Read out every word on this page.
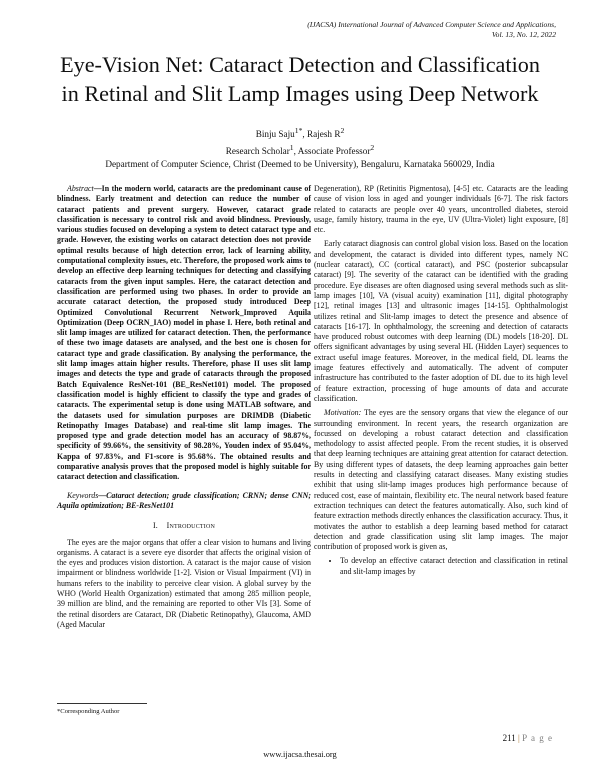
(IJACSA) International Journal of Advanced Computer Science and Applications,
Vol. 13, No. 12, 2022
Eye-Vision Net: Cataract Detection and Classification
in Retinal and Slit Lamp Images using Deep Network
Binju Saju$^{1*}$, Rajesh $R^2$
Research Scholar$^1$, Associate Professor$^2$
Department of Computer Science, Christ (Deemed to be University), Bengaluru, Karnataka 560029, India

Abstract—In the modern world, cataracts are the predominant cause of blindness. Early treatment and detection can reduce the number of cataract patients and prevent surgery. However, cataract grade classification is necessary to control risk and avoid blindness. Previously, various studies focused on developing a system to detect cataract type and grade. However, the existing works on cataract detection does not provide optimal results because of high detection error, lack of learning ability, computational complexity issues, etc. Therefore, the proposed work aims to develop an effective deep learning techniques for detecting and classifying cataracts from the given input samples. Here, the cataract detection and classification are performed using two phases. In order to provide an accurate cataract detection, the proposed study introduced Deep Optimized Convolutional Recurrent Network_Improved Aquila Optimization (Deep OCRN_IAO) model in phase I. Here, both retinal and slit lamp images are utilized for cataract detection. Then, the performance of these two image datasets are analysed, and the best one is chosen for cataract type and grade classification. By analysing the performance, the slit lamp images attain higher results. Therefore, phase II uses slit lamp images and detects the type and grade of cataracts through the proposed Batch Equivalence ResNet-101 (BE_ResNet101) model. The proposed classification model is highly efficient to classify the type and grades of cataracts. The experimental setup is done using MATLAB software, and the datasets used for simulation purposes are DRIMDB (Diabetic Retinopathy Images Database) and real-time slit lamp images. The proposed type and grade detection model has an accuracy of 98.87%, specificity of 99.66%, the sensitivity of 98.28%, Youden index of 95.04%, Kappa of 97.83%, and F1-score is 95.68%. The obtained results and comparative analysis proves that the proposed model is highly suitable for cataract detection and classification.

Keywords—Cataract detection; grade classification; CRNN; dense CNN; Aquila optimization; BE-ResNet101

I. Introduction

The eyes are the major organs that offer a clear vision to humans and living organisms. A cataract is a severe eye disorder that affects the original vision of the eyes and produces vision distortion. A cataract is the major cause of vision impairment or blindness worldwide [1-2]. Vision or Visual Impairment (VI) in humans refers to the inability to perceive clear vision. A global survey by the WHO (World Health Organization) estimated that among 285 million people, 39 million are blind, and the remaining are reported to other VIs [3]. Some of the retinal disorders are Cataract, DR (Diabetic Retinopathy), Glaucoma, AMD (Aged Macular

Degeneration), RP (Retinitis Pigmentosa), [4-5] etc. Cataracts are the leading cause of vision loss in aged and younger individuals [6-7]. The risk factors related to cataracts are people over 40 years, uncontrolled diabetes, steroid usage, family history, trauma in the eye, UV (Ultra-Violet) light exposure, [8] etc.

Early cataract diagnosis can control global vision loss. Based on the location and development, the cataract is divided into different types, namely NC (nuclear cataract), CC (cortical cataract), and PSC (posterior subcapsular cataract) [9]. The severity of the cataract can be identified with the grading procedure. Eye diseases are often diagnosed using several methods such as slit-lamp images [10], VA (visual acuity) examination [11], digital photography [12], retinal images [13] and ultrasonic images [14-15]. Ophthalmologist utilizes retinal and Slit-lamp images to detect the presence and absence of cataracts [16-17]. In ophthalmology, the screening and detection of cataracts have produced robust outcomes with deep learning (DL) models [18-20]. DL offers significant advantages by using several HL (Hidden Layer) sequences to extract useful image features. Moreover, in the medical field, DL learns the image features effectively and automatically. The advent of computer infrastructure has contributed to the faster adoption of DL due to its high level of feature extraction, processing of huge amounts of data and accurate classification.

Motivation: The eyes are the sensory organs that view the elegance of our surrounding environment. In recent years, the research organization are focussed on developing a robust cataract detection and classification methodology to assist affected people. From the recent studies, it is observed that deep learning techniques are attaining great attention for cataract detection. By using different types of datasets, the deep learning approaches gain better results in detecting and classifying cataract diseases. Many existing studies exhibit that using slit-lamp images produces high performance because of reduced cost, ease of maintain, flexibility etc. The neural network based feature extraction techniques can detect the features automatically. Also, such kind of feature extraction methods directly enhances the classification accuracy. Thus, it motivates the author to establish a deep learning based method for cataract detection and grade classification using slit lamp images. The major contribution of proposed work is given as,

• To develop an effective cataract detection and classification in retinal and slit-lamp images by
*Corresponding Author
211 | P a g e
www.ijacsa.thesai.org
